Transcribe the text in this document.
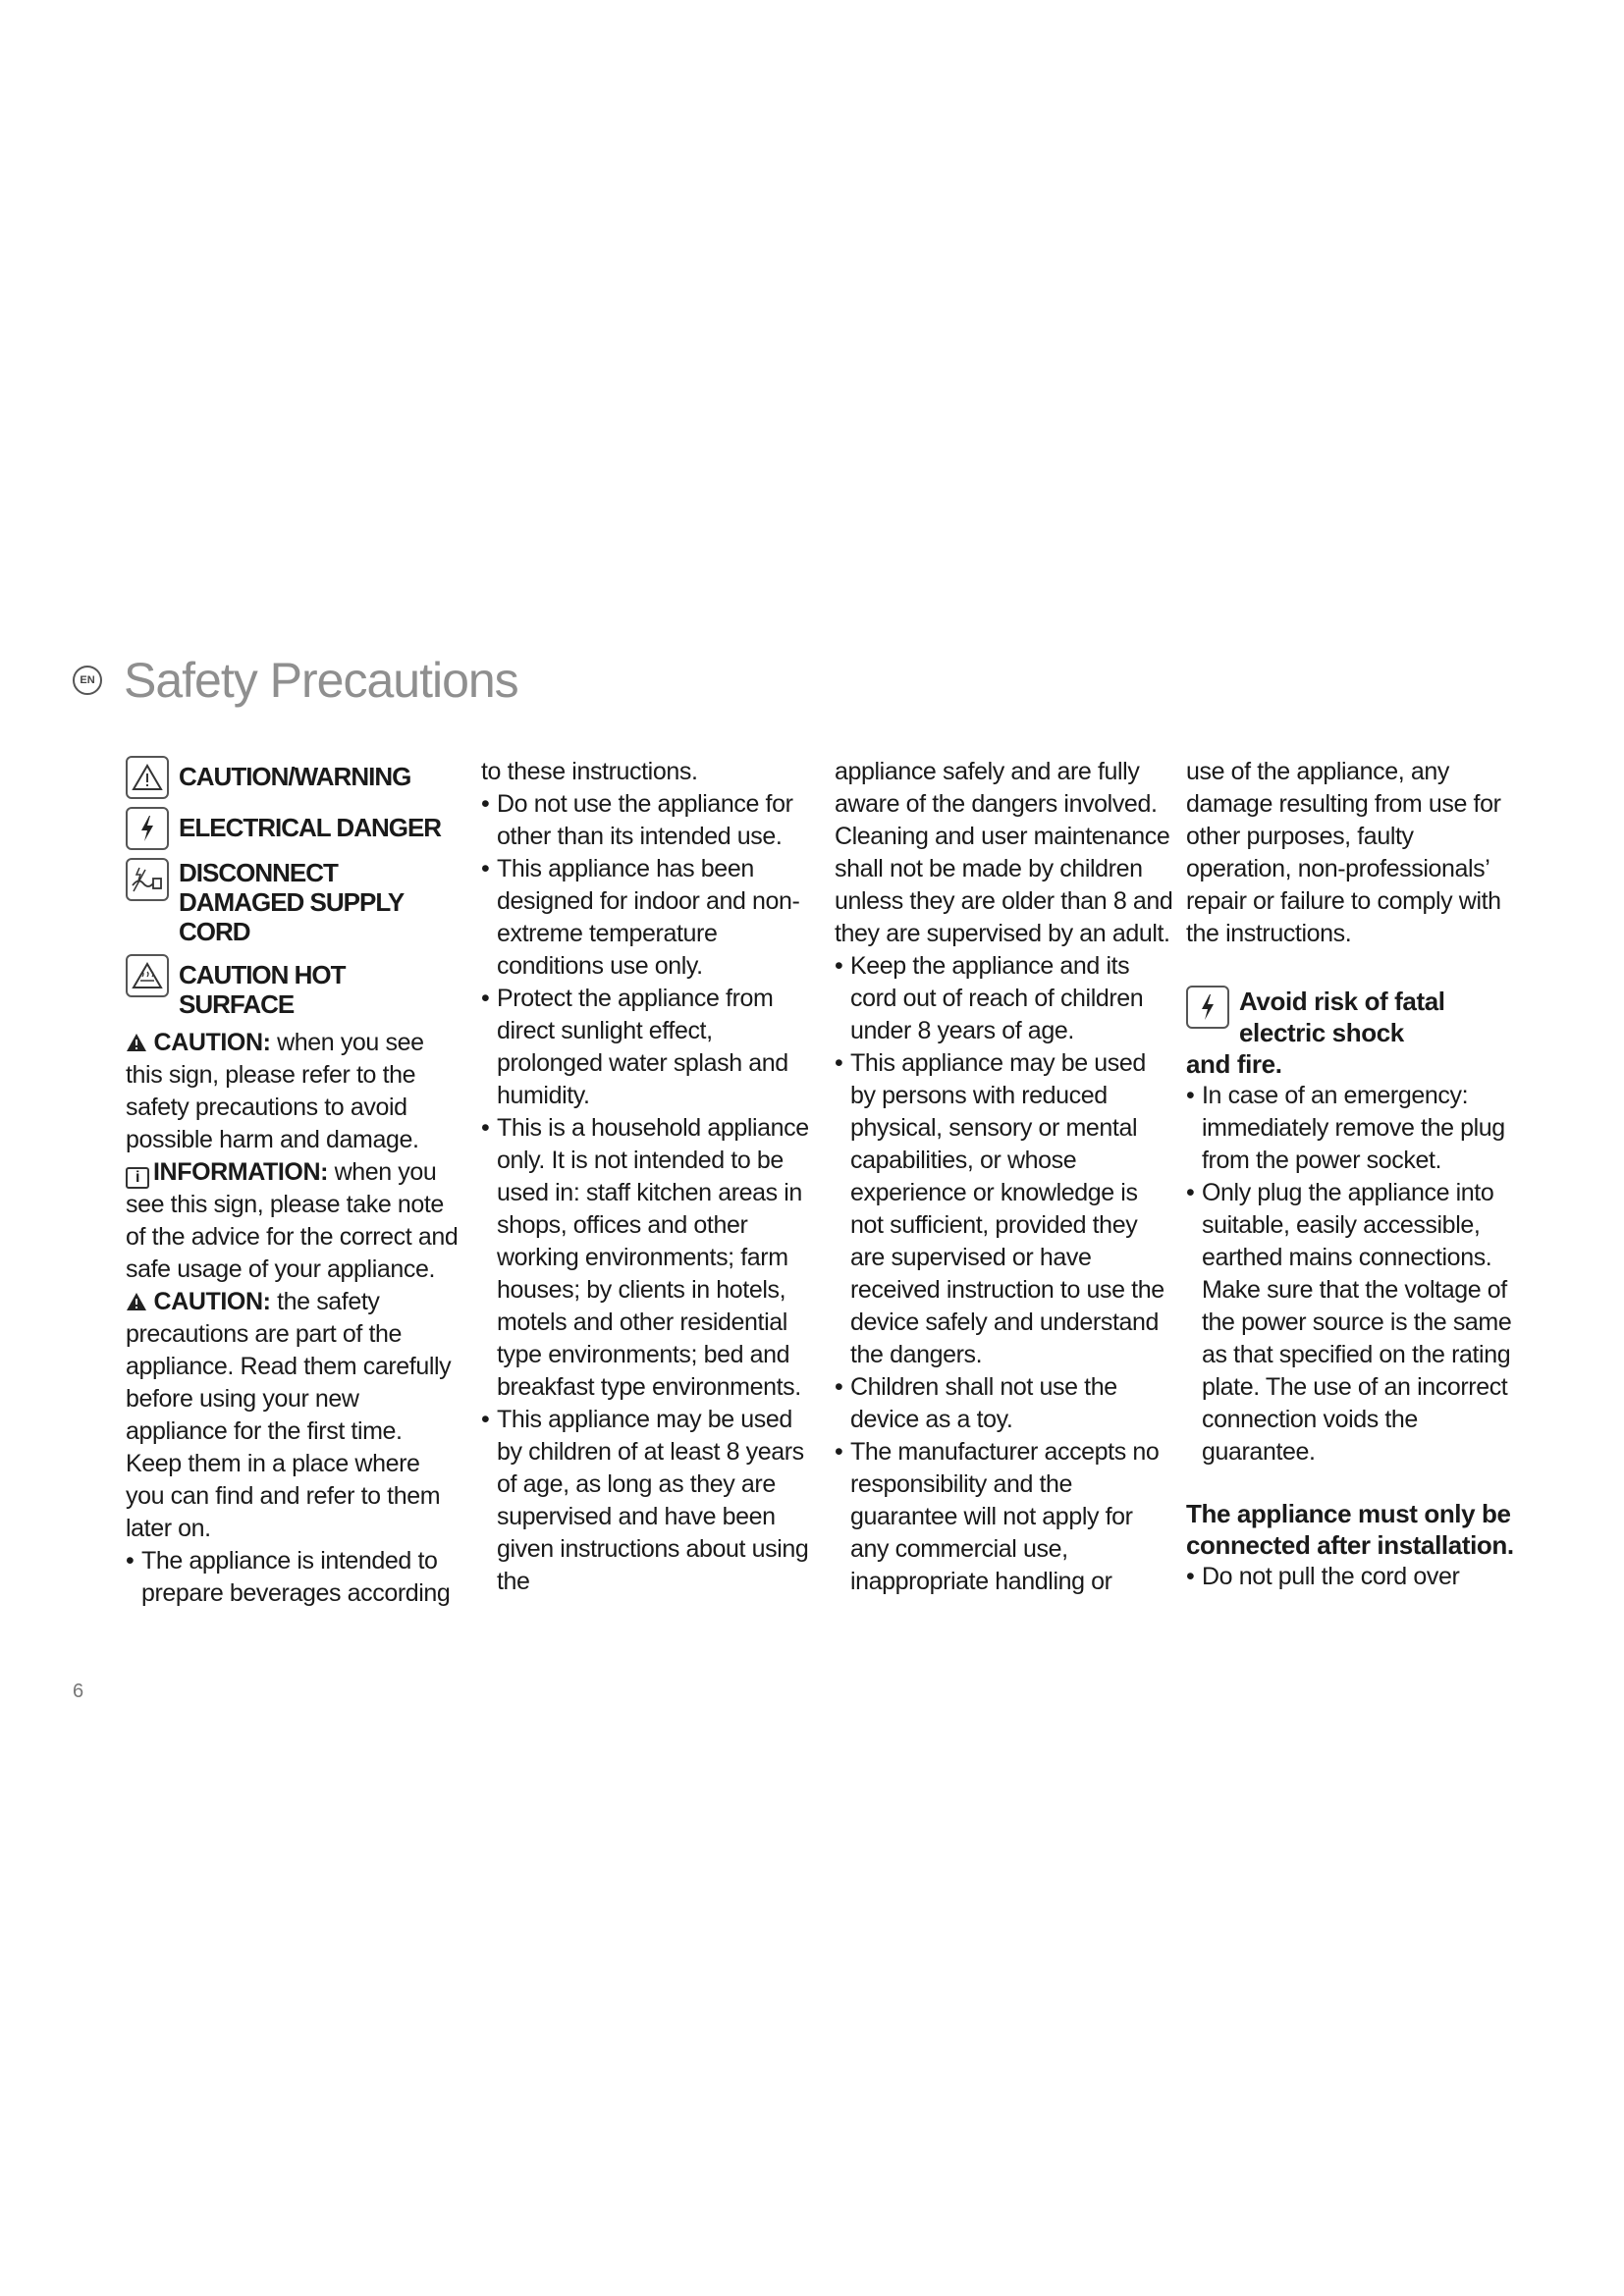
EN Safety Precautions
CAUTION/WARNING
ELECTRICAL DANGER
DISCONNECT DAMAGED SUPPLY CORD
CAUTION HOT SURFACE

CAUTION: when you see this sign, please refer to the safety precautions to avoid possible harm and damage.

i INFORMATION: when you see this sign, please take note of the advice for the correct and safe usage of your appliance.

CAUTION: the safety precautions are part of the appliance. Read them carefully before using your new appliance for the first time. Keep them in a place where you can find and refer to them later on.

• The appliance is intended to prepare beverages according

to these instructions.

• Do not use the appliance for other than its intended use.
• This appliance has been designed for indoor and non-extreme temperature conditions use only.
• Protect the appliance from direct sunlight effect, prolonged water splash and humidity.
• This is a household appliance only. It is not intended to be used in: staff kitchen areas in shops, offices and other working environments; farm houses; by clients in hotels, motels and other residential type environments; bed and breakfast type environments.
• This appliance may be used by children of at least 8 years of age, as long as they are supervised and have been given instructions about using the

appliance safely and are fully aware of the dangers involved. Cleaning and user maintenance shall not be made by children unless they are older than 8 and they are supervised by an adult.

• Keep the appliance and its cord out of reach of children under 8 years of age.
• This appliance may be used by persons with reduced physical, sensory or mental capabilities, or whose experience or knowledge is not sufficient, provided they are supervised or have received instruction to use the device safely and understand the dangers.
• Children shall not use the device as a toy.
• The manufacturer accepts no responsibility and the guarantee will not apply for any commercial use, inappropriate handling or

use of the appliance, any damage resulting from use for other purposes, faulty operation, non-professionals’ repair or failure to comply with the instructions.

Avoid risk of fatal
electric shock

and fire.

• In case of an emergency: immediately remove the plug from the power socket.
• Only plug the appliance into suitable, easily accessible, earthed mains connections. Make sure that the voltage of the power source is the same as that specified on the rating plate. The use of an incorrect connection voids the guarantee.

The appliance must only be connected after installation.

• Do not pull the cord over
6
